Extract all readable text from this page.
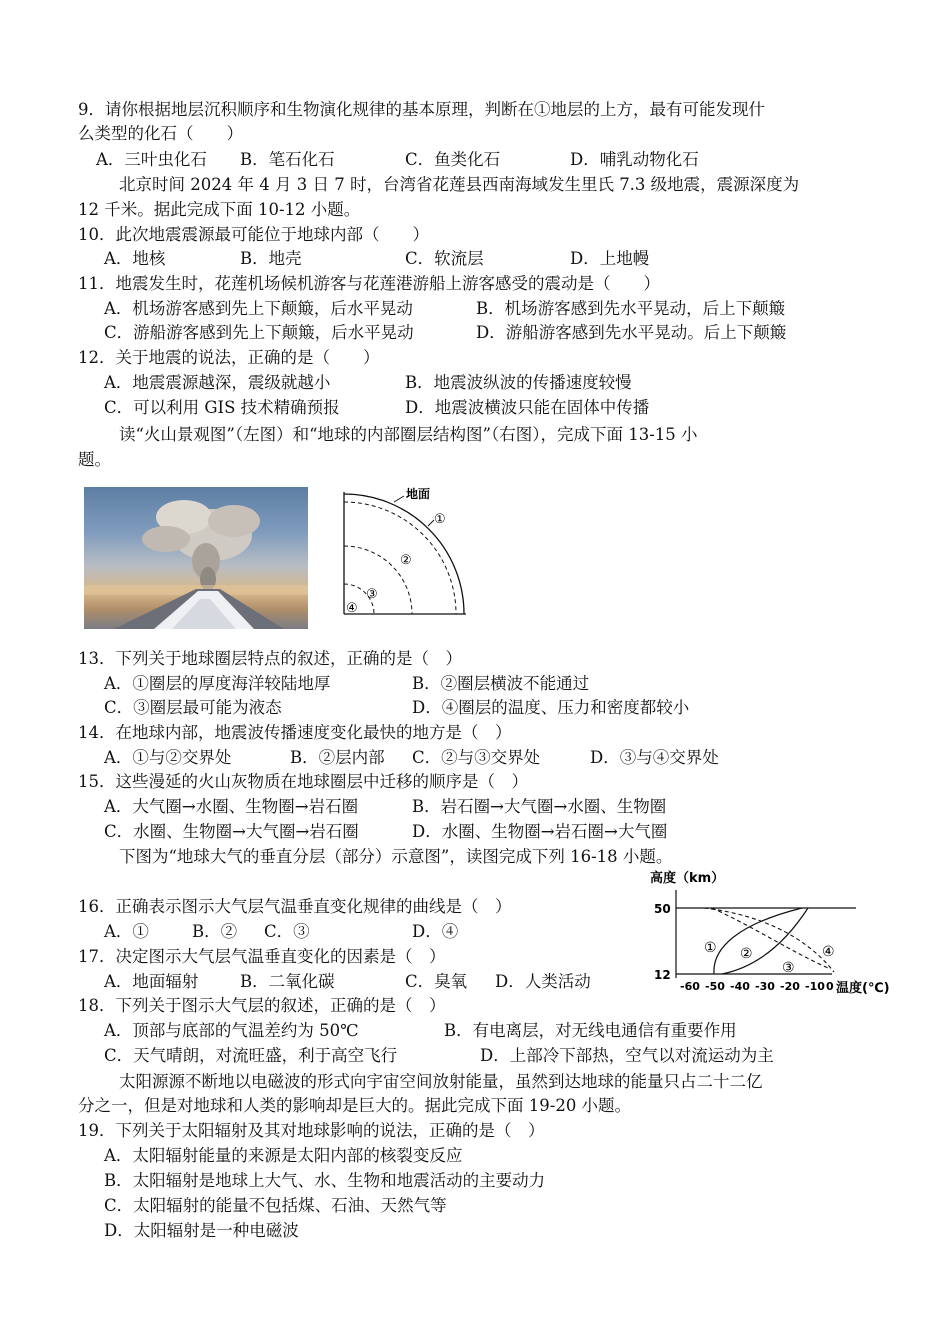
9．请你根据地层沉积顺序和生物演化规律的基本原理，判断在①地层的上方，最有可能发现什
么类型的化石（　　）
A．三叶虫化石 B．笔石化石	C．鱼类化石	D．哺乳动物化石
北京时间 2024 年 4 月 3 日 7 时，台湾省花莲县西南海域发生里氏 7.3 级地震，震源深度为
12 千米。据此完成下面 10-12 小题。
10．此次地震震源最可能位于地球内部（　　）
A．地核	B．地壳	C．软流层	D．上地幔
11．地震发生时，花莲机场候机游客与花莲港游船上游客感受的震动是（　　）
A．机场游客感到先上下颠簸，后水平晃动	B．机场游客感到先水平晃动，后上下颠簸
C．游船游客感到先上下颠簸，后水平晃动	D．游船游客感到先水平晃动。后上下颠簸
12．关于地震的说法，正确的是（　　）
A．地震震源越深，震级就越小	B．地震波纵波的传播速度较慢
C．可以利用 GIS 技术精确预报	D．地震波横波只能在固体中传播
读“火山景观图”（左图）和“地球的内部圈层结构图”（右图），完成下面 13-15 小
题。
地面
①
②
③
④
13．下列关于地球圈层特点的叙述，正确的是（　）
A．①圈层的厚度海洋较陆地厚	B．②圈层横波不能通过
C．③圈层最可能为液态	D．④圈层的温度、压力和密度都较小
14．在地球内部，地震波传播速度变化最快的地方是（　）
A．①与②交界处	B．②层内部 C．②与③交界处	D．③与④交界处
15．这些漫延的火山灰物质在地球圈层中迁移的顺序是（　）
A．大气圈→水圈、生物圈→岩石圈	B．岩石圈→大气圈→水圈、生物圈
C．水圈、生物圈→大气圈→岩石圈	D．水圈、生物圈→岩石圈→大气圈
下图为“地球大气的垂直分层（部分）示意图”，读图完成下列 16-18 小题。
高度（km）
50
12
① ②
③
④
-60 -50 -40 -30 -20 -10 0 温度(℃)
16．正确表示图示大气层气温垂直变化规律的曲线是（　）
A．①	B．② C．③	D．④
17．决定图示大气层气温垂直变化的因素是（　）
A．地面辐射	B．二氧化碳	C．臭氧 D．人类活动
18．下列关于图示大气层的叙述，正确的是（　）
A．顶部与底部的气温差约为 50℃	B．有电离层，对无线电通信有重要作用
C．天气晴朗，对流旺盛，利于高空飞行	D．上部冷下部热，空气以对流运动为主
太阳源源不断地以电磁波的形式向宇宙空间放射能量，虽然到达地球的能量只占二十二亿
分之一，但是对地球和人类的影响却是巨大的。据此完成下面 19-20 小题。
19．下列关于太阳辐射及其对地球影响的说法，正确的是（　）
A．太阳辐射能量的来源是太阳内部的核裂变反应
B．太阳辐射是地球上大气、水、生物和地震活动的主要动力
C．太阳辐射的能量不包括煤、石油、天然气等
D．太阳辐射是一种电磁波
